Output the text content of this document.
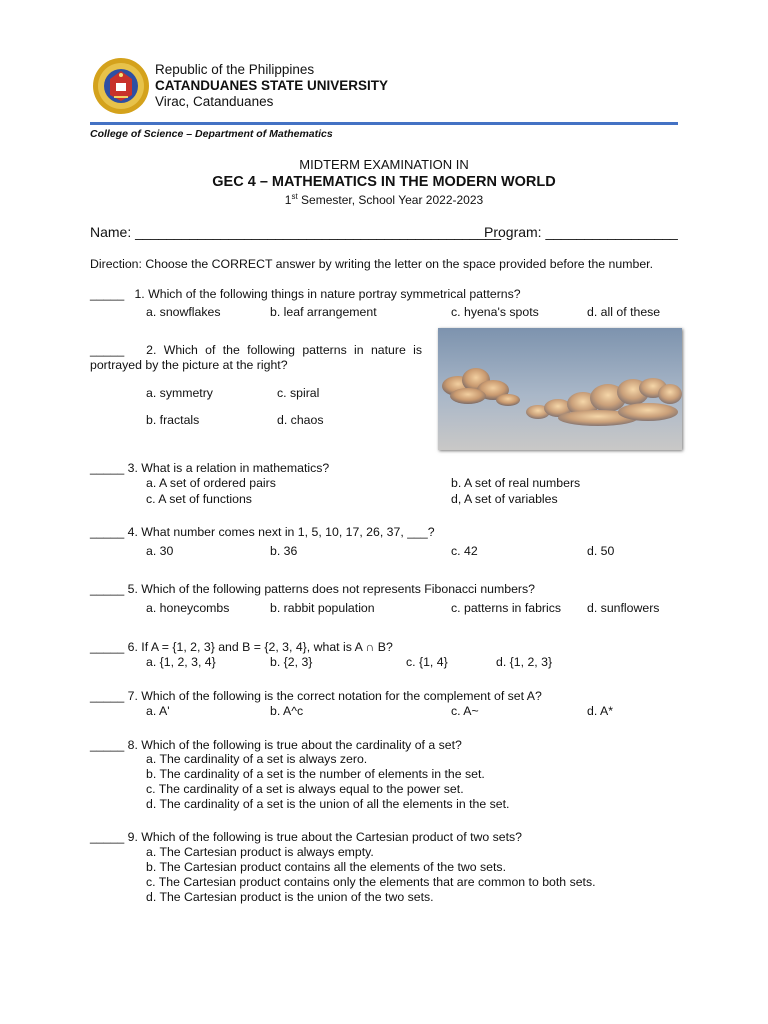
Republic of the Philippines
CATANDUANES STATE UNIVERSITY
Virac, Catanduanes
College of Science – Department of Mathematics
MIDTERM EXAMINATION IN
GEC 4 – MATHEMATICS IN THE MODERN WORLD
1st Semester, School Year 2022-2023
Name: _______________________________________________
Program: _________________
Direction: Choose the CORRECT answer by writing the letter on the space provided before the number.
_____ 1. Which of the following things in nature portray symmetrical patterns?
a. snowflakes	b. leaf arrangement	c. hyena's spots	d. all of these
_____ 2. Which of the following patterns in nature is portrayed by the picture at the right?
a. symmetry	c. spiral
b. fractals	d. chaos
_____ 3. What is a relation in mathematics?
a. A set of ordered pairs	b. A set of real numbers
c. A set of functions	d, A set of variables
_____ 4. What number comes next in 1, 5, 10, 17, 26, 37, ___?
a. 30	b. 36	c. 42	d. 50
_____ 5. Which of the following patterns does not represents Fibonacci numbers?
a. honeycombs	b. rabbit population	c. patterns in fabrics d. sunflowers
_____ 6. If A = {1, 2, 3} and B = {2, 3, 4}, what is A ∩ B?
a. {1, 2, 3, 4}	b. {2, 3}	c. {1, 4}	d. {1, 2, 3}
_____ 7. Which of the following is the correct notation for the complement of set A?
a. A'	b. A^c	c. A~	d. A*
_____ 8. Which of the following is true about the cardinality of a set?
a. The cardinality of a set is always zero.
b. The cardinality of a set is the number of elements in the set.
c. The cardinality of a set is always equal to the power set.
d. The cardinality of a set is the union of all the elements in the set.
_____ 9. Which of the following is true about the Cartesian product of two sets?
a. The Cartesian product is always empty.
b. The Cartesian product contains all the elements of the two sets.
c. The Cartesian product contains only the elements that are common to both sets.
d. The Cartesian product is the union of the two sets.
